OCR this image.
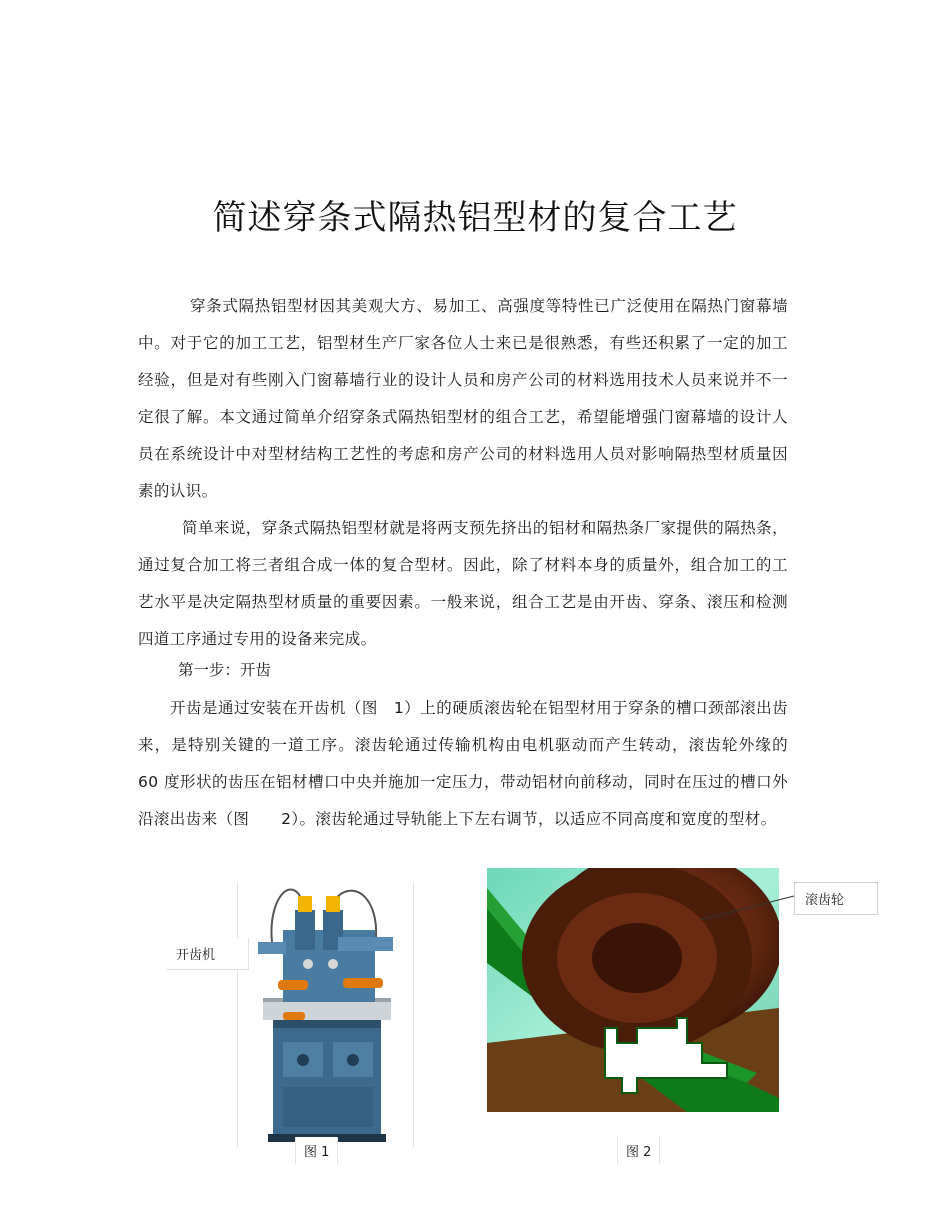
简述穿条式隔热铝型材的复合工艺

穿条式隔热铝型材因其美观大方、易加工、高强度等特性已广泛使用在隔热门窗幕墙中。对于它的加工工艺，铝型材生产厂家各位人士来已是很熟悉，有些还积累了一定的加工经验，但是对有些刚入门窗幕墙行业的设计人员和房产公司的材料选用技术人员来说并不一定很了解。本文通过简单介绍穿条式隔热铝型材的组合工艺，希望能增强门窗幕墙的设计人员在系统设计中对型材结构工艺性的考虑和房产公司的材料选用人员对影响隔热型材质量因素的认识。

简单来说，穿条式隔热铝型材就是将两支预先挤出的铝材和隔热条厂家提供的隔热条，通过复合加工将三者组合成一体的复合型材。因此，除了材料本身的质量外，组合加工的工艺水平是决定隔热型材质量的重要因素。一般来说，组合工艺是由开齿、穿条、滚压和检测四道工序通过专用的设备来完成。

第一步：开齿

开齿是通过安装在开齿机（图　1）上的硬质滚齿轮在铝型材用于穿条的槽口颈部滚出齿来，是特别关键的一道工序。滚齿轮通过传输机构由电机驱动而产生转动，滚齿轮外缘的　60 度形状的齿压在铝材槽口中央并施加一定压力，带动铝材向前移动，同时在压过的槽口外沿滚出齿来（图　　2）。滚齿轮通过导轨能上下左右调节，以适应不同高度和宽度的型材。

开齿机
滚齿轮
图 1	图 2
